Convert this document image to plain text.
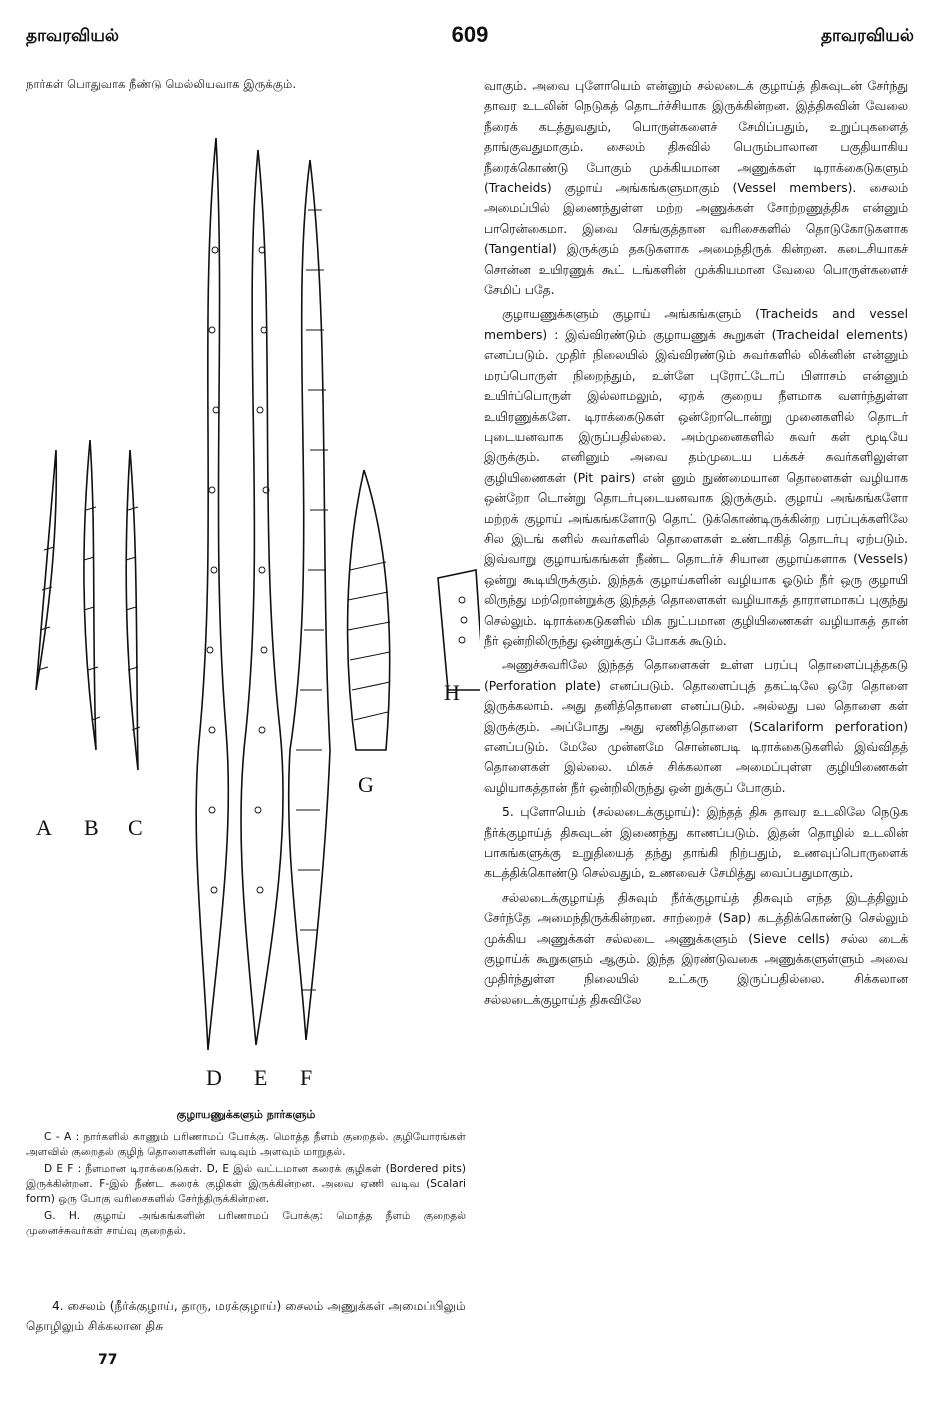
தாவரவியல்	609	தாவரவியல்

நார்கள் பொதுவாக நீண்டு மெல்லியவாக இருக்கும்.

A B C
D E F
G
H
குழாயணுக்களும் நார்களும்

C - A : நார்களில் காணும் பரிணாமப் போக்கு. மொத்த நீளம் குறைதல். குழியோரங்கள் அளவில் குறைதல் குழிந் தொளைகளின் வடிவும் அளவும் மாறுதல்.

D E F : நீளமான டிராக்கைடுகள். D, E இல் வட்டமான கரைக் குழிகள் (Bordered pits) இருக்கின்றன. F-இல் நீண்ட கரைக் குழிகள் இருக்கின்றன. அவை ஏணி வடிவ (Scalari form) ஒரு போகு வரிசைகளில் சேர்ந்திருக்கின்றன.

G. H. குழாய் அங்கங்களின் பரிணாமப் போக்கு: மொத்த நீளம் குறைதல் முனைச்சுவர்கள் சாய்வு குறைதல்.

4. சைலம் (நீர்க்குழாய், தாரு, மரக்குழாய்) சைலம் அணுக்கள் அமைப்பிலும் தொழிலும் சிக்கலான திசு

77

வாகும். அவை புளோயெம் என்னும் சல்லடைக் குழாய்த் திசுவுடன் சேர்ந்து தாவர உடலின் நெடுகத் தொடர்ச்சியாக இருக்கின்றன. இத்திசுவின் வேலை நீரைக் கடத்துவதும், பொருள்களைச் சேமிப்பதும், உறுப்புகளைத் தாங்குவதுமாகும். சைலம் திசுவில் பெரும்பாலான பகுதியாகிய நீரைக்கொண்டு போகும் முக்கியமான அணுக்கள் டிராக்கைடுகளும் (Tracheids) குழாய் அங்கங்களுமாகும் (Vessel members). சைலம் அமைப்பில் இணைந்துள்ள மற்ற அணுக்கள் சோற்றணுத்திசு என்னும் பாரென்கைமா. இவை செங்குத்தான வரிசைகளில் தொடுகோடுகளாக (Tangential) இருக்கும் தகடுகளாக அமைந்திருக் கின்றன. கடைசியாகச் சொன்ன உயிரணுக் கூட் டங்களின் முக்கியமான வேலை பொருள்களைச் சேமிப் பதே.

குழாயணுக்களும் குழாய் அங்கங்களும் (Tracheids and vessel members) : இவ்விரண்டும் குழாயணுக் கூறுகள் (Tracheidal elements) எனப்படும். முதிர் நிலையில் இவ்விரண்டும் சுவர்களில் லிக்னின் என்னும் மரப்பொருள் நிறைந்தும், உள்ளே புரோட்டோப் பிளாசம் என்னும் உயிர்ப்பொருள் இல்லாமலும், ஏறக் குறைய நீளமாக வளர்ந்துள்ள உயிரணுக்களே. டிராக்கைடுகள் ஒன்றோடொன்று முனைகளில் தொடர் புடையனவாக இருப்பதில்லை. அம்முனைகளில் சுவர் கள் மூடியே இருக்கும். எனினும் அவை தம்முடைய பக்கச் சுவர்களிலுள்ள குழியிணைகள் (Pit pairs) என் னும் நுண்மையான தொளைகள் வழியாக ஒன்றோ டொன்று தொடர்புடையனவாக இருக்கும். குழாய் அங்கங்களோ மற்றக் குழாய் அங்கங்களோடு தொட் டுக்கொண்டிருக்கின்ற பரப்புக்களிலே சில இடங் களில் சுவர்களில் தொளைகள் உண்டாகித் தொடர்பு ஏற்படும். இவ்வாறு குழாயங்கங்கள் நீண்ட தொடர்ச் சியான குழாய்களாக (Vessels) ஒன்று கூடியிருக்கும். இந்தக் குழாய்களின் வழியாக ஓடும் நீர் ஒரு குழாயி லிருந்து மற்றொன்றுக்கு இந்தத் தொளைகள் வழியாகத் தாராளமாகப் புகுந்து செல்லும். டிராக்கைடுகளில் மிக நுட்பமான குழியிணைகள் வழியாகத் தான் நீர் ஒன்றிலிருந்து ஒன்றுக்குப் போகக் கூடும்.

அணுச்சுவரிலே இந்தத் தொளைகள் உள்ள பரப்பு தொளைப்புத்தகடு (Perforation plate) எனப்படும். தொளைப்புத் தகட்டிலே ஒரே தொளை இருக்கலாம். அது தனித்தொளை எனப்படும். அல்லது பல தொளை கள் இருக்கும். அப்போது அது ஏணித்தொளை (Scalariform perforation) எனப்படும். மேலே முன்னமே சொன்னபடி டிராக்கைடுகளில் இவ்விதத் தொளைகள் இல்லை. மிகச் சிக்கலான அமைப்புள்ள குழியிணைகள் வழியாகத்தான் நீர் ஒன்றிலிருந்து ஒன் றுக்குப் போகும்.

5. புளோயெம் (சல்லடைக்குழாய்): இந்தத் திசு தாவர உடலிலே நெடுக நீர்க்குழாய்த் திசுவுடன் இணைந்து காணப்படும். இதன் தொழில் உடலின் பாகங்களுக்கு உறுதியைத் தந்து தாங்கி நிற்பதும், உணவுப்பொருளைக் கடத்திக்கொண்டு செல்வதும், உணவைச் சேமித்து வைப்பதுமாகும்.

சல்லடைக்குழாய்த் திசுவும் நீர்க்குழாய்த் திசுவும் எந்த இடத்திலும் சேர்ந்தே அமைந்திருக்கின்றன. சாற்றைச் (Sap) கடத்திக்கொண்டு செல்லும் முக்கிய அணுக்கள் சல்லடை அணுக்களும் (Sieve cells) சல்ல டைக் குழாய்க் கூறுகளும் ஆகும். இந்த இரண்டுவகை அணுக்களுள்ளும் அவை முதிர்ந்துள்ள நிலையில் உட்கரு இருப்பதில்லை. சிக்கலான சல்லடைக்குழாய்த் திசுவிலே
